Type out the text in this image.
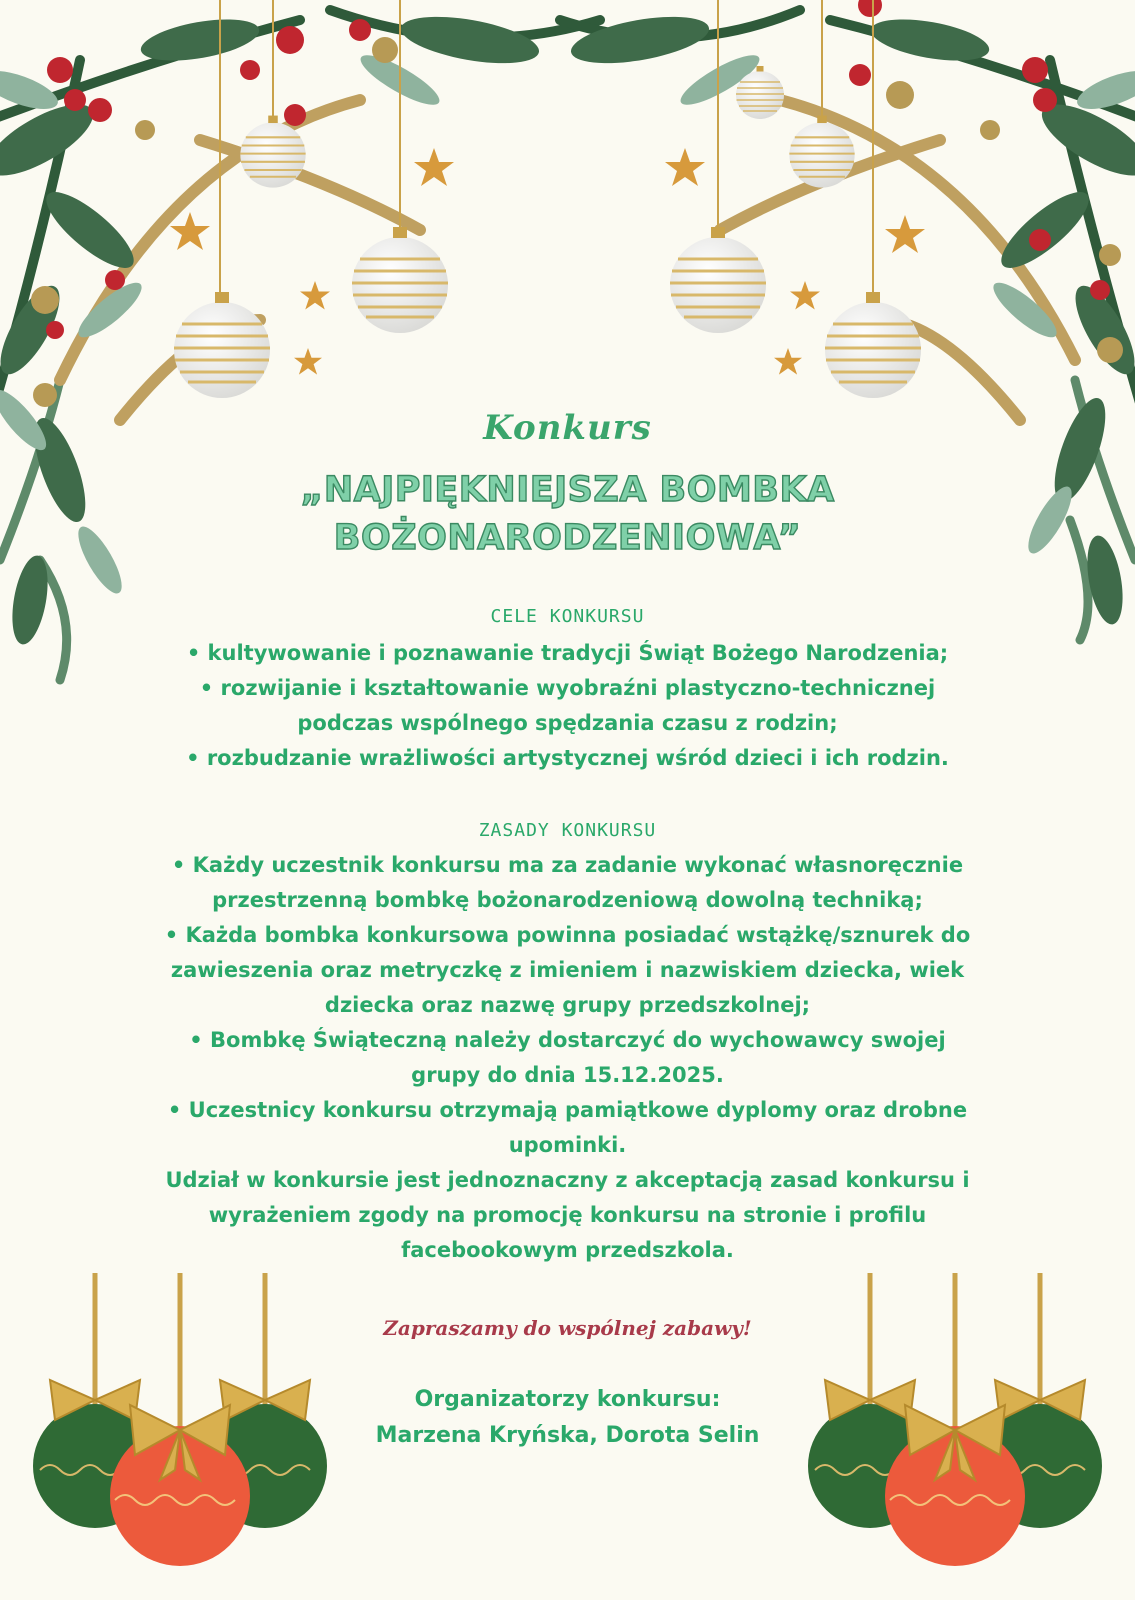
Konkurs
„NAJPIĘKNIEJSZA BOMBKA
BOŻONARODZENIOWA”
CELE KONKURSU
• kultywowanie i poznawanie tradycji Świąt Bożego Narodzenia;
• rozwijanie i kształtowanie wyobraźni plastyczno-technicznej
podczas wspólnego spędzania czasu z rodzin;
• rozbudzanie wrażliwości artystycznej wśród dzieci i ich rodzin.
ZASADY KONKURSU
• Każdy uczestnik konkursu ma za zadanie wykonać własnoręcznie
przestrzenną bombkę bożonarodzeniową dowolną techniką;
• Każda bombka konkursowa powinna posiadać wstążkę/sznurek do
zawieszenia oraz metryczkę z imieniem i nazwiskiem dziecka, wiek
dziecka oraz nazwę grupy przedszkolnej;
• Bombkę Świąteczną należy dostarczyć do wychowawcy swojej
grupy do dnia 15.12.2025.
• Uczestnicy konkursu otrzymają pamiątkowe dyplomy oraz drobne
upominki.
Udział w konkursie jest jednoznaczny z akceptacją zasad konkursu i
wyrażeniem zgody na promocję konkursu na stronie i profilu
facebookowym przedszkola.
Zapraszamy do wspólnej zabawy!
Organizatorzy konkursu:
Marzena Kryńska, Dorota Selin
